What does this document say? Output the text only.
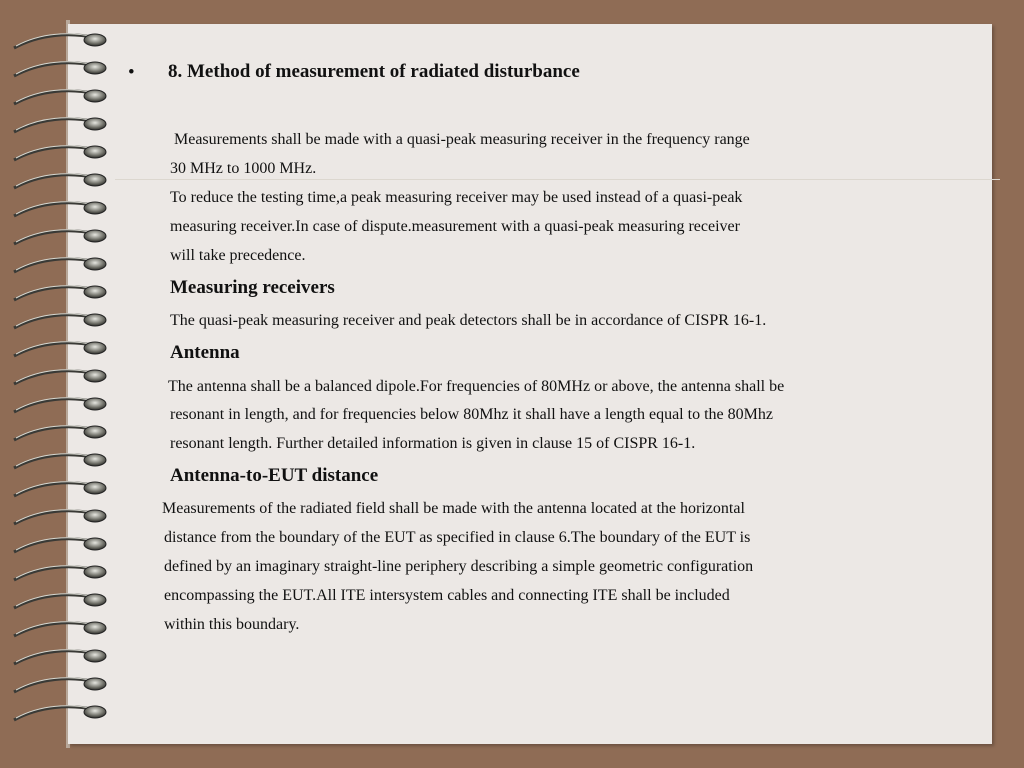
• 8. Method of measurement of radiated disturbance
Measurements shall be made with a quasi-peak measuring receiver in the frequency range
30 MHz to 1000 MHz.
To reduce the testing time,a peak measuring receiver may be used instead of a quasi-peak
measuring receiver.In case of dispute.measurement with a quasi-peak measuring receiver
will take precedence.
Measuring receivers
The quasi-peak measuring receiver and peak detectors shall be in accordance of CISPR 16-1.
Antenna
The antenna shall be a balanced dipole.For frequencies of 80MHz or above, the antenna shall be
resonant in length, and for frequencies below 80Mhz it shall have a length equal to the 80Mhz
resonant length. Further detailed information is given in clause 15 of CISPR 16-1.
Antenna-to-EUT distance
Measurements of the radiated field shall be made with the antenna located at the horizontal
distance from the boundary of the EUT as specified in clause 6.The boundary of the EUT is
defined by an imaginary straight-line periphery describing a simple geometric configuration
encompassing the EUT.All ITE intersystem cables and connecting ITE shall be included
within this boundary.
